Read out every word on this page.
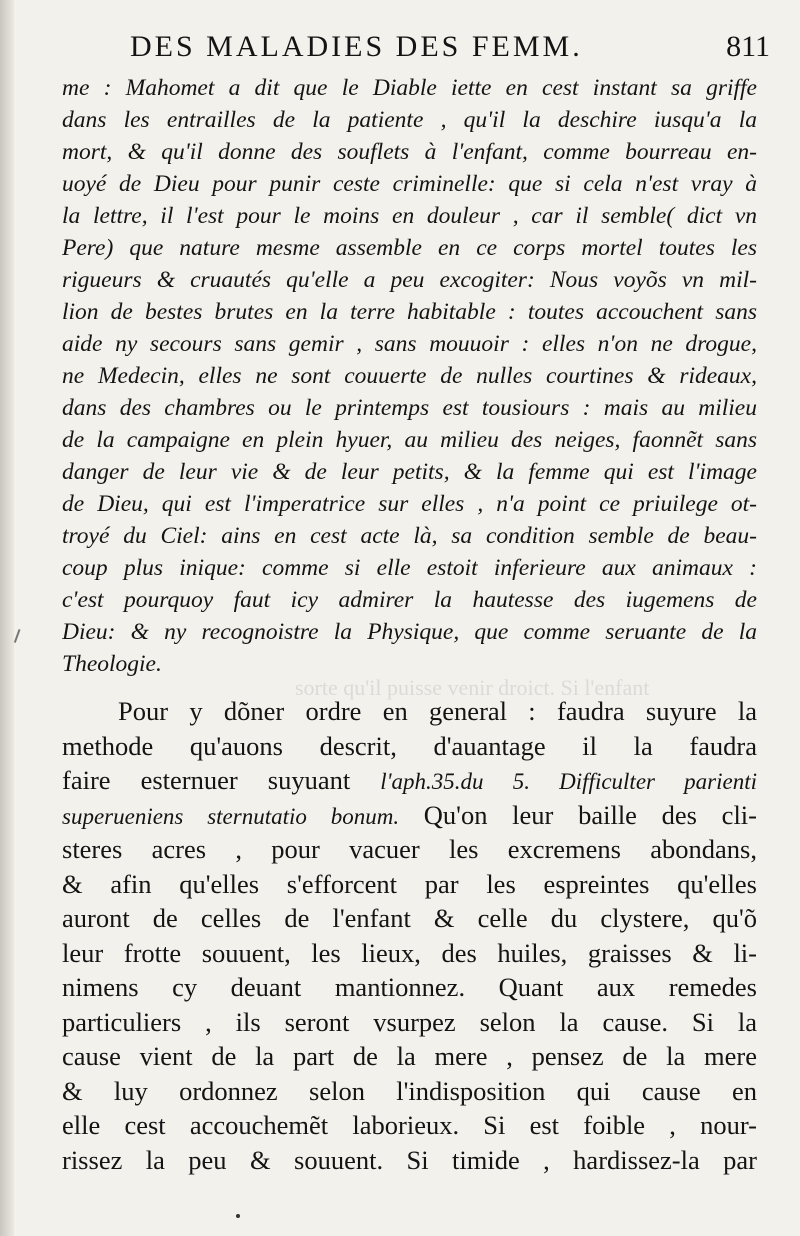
DES MALADIES DES FEMM.	811
sorte qu'il puisse venir droict. Si l'enfant
me : Mahomet a dit que le Diable iette en cest instant sa griffe
dans les entrailles de la patiente , qu'il la deschire iusqu'a la
mort, & qu'il donne des souflets à l'enfant, comme bourreau en-
uoyé de Dieu pour punir ceste criminelle: que si cela n'est vray à
la lettre, il l'est pour le moins en douleur , car il semble( dict vn
Pere) que nature mesme assemble en ce corps mortel toutes les
rigueurs & cruautés qu'elle a peu excogiter: Nous voyõs vn mil-
lion de bestes brutes en la terre habitable : toutes accouchent sans
aide ny secours sans gemir , sans mouuoir : elles n'on ne drogue,
ne Medecin, elles ne sont couuerte de nulles courtines & rideaux,
dans des chambres ou le printemps est tousiours : mais au milieu
de la campaigne en plein hyuer, au milieu des neiges, faonnẽt sans
danger de leur vie & de leur petits, & la femme qui est l'image
de Dieu, qui est l'imperatrice sur elles , n'a point ce priuilege ot-
troyé du Ciel: ains en cest acte là, sa condition semble de beau-
coup plus inique: comme si elle estoit inferieure aux animaux :
c'est pourquoy faut icy admirer la hautesse des iugemens de
Dieu: & ny recognoistre la Physique, que comme seruante de la
Theologie.
Pour y dõner ordre en general : faudra suyure la
methode qu'auons descrit, d'auantage il la faudra
faire esternuer suyuant l'aph.35.du 5. Difficulter parienti
superueniens sternutatio bonum. Qu'on leur baille des cli-
steres acres , pour vacuer les excremens abondans,
& afin qu'elles s'efforcent par les espreintes qu'elles
auront de celles de l'enfant & celle du clystere, qu'õ
leur frotte souuent, les lieux, des huiles, graisses & li-
nimens cy deuant mantionnez. Quant aux remedes
particuliers , ils seront vsurpez selon la cause. Si la
cause vient de la part de la mere , pensez de la mere
& luy ordonnez selon l'indisposition qui cause en
elle cest accouchemẽt laborieux. Si est foible , nour-
rissez la peu & souuent. Si timide , hardissez-la par
